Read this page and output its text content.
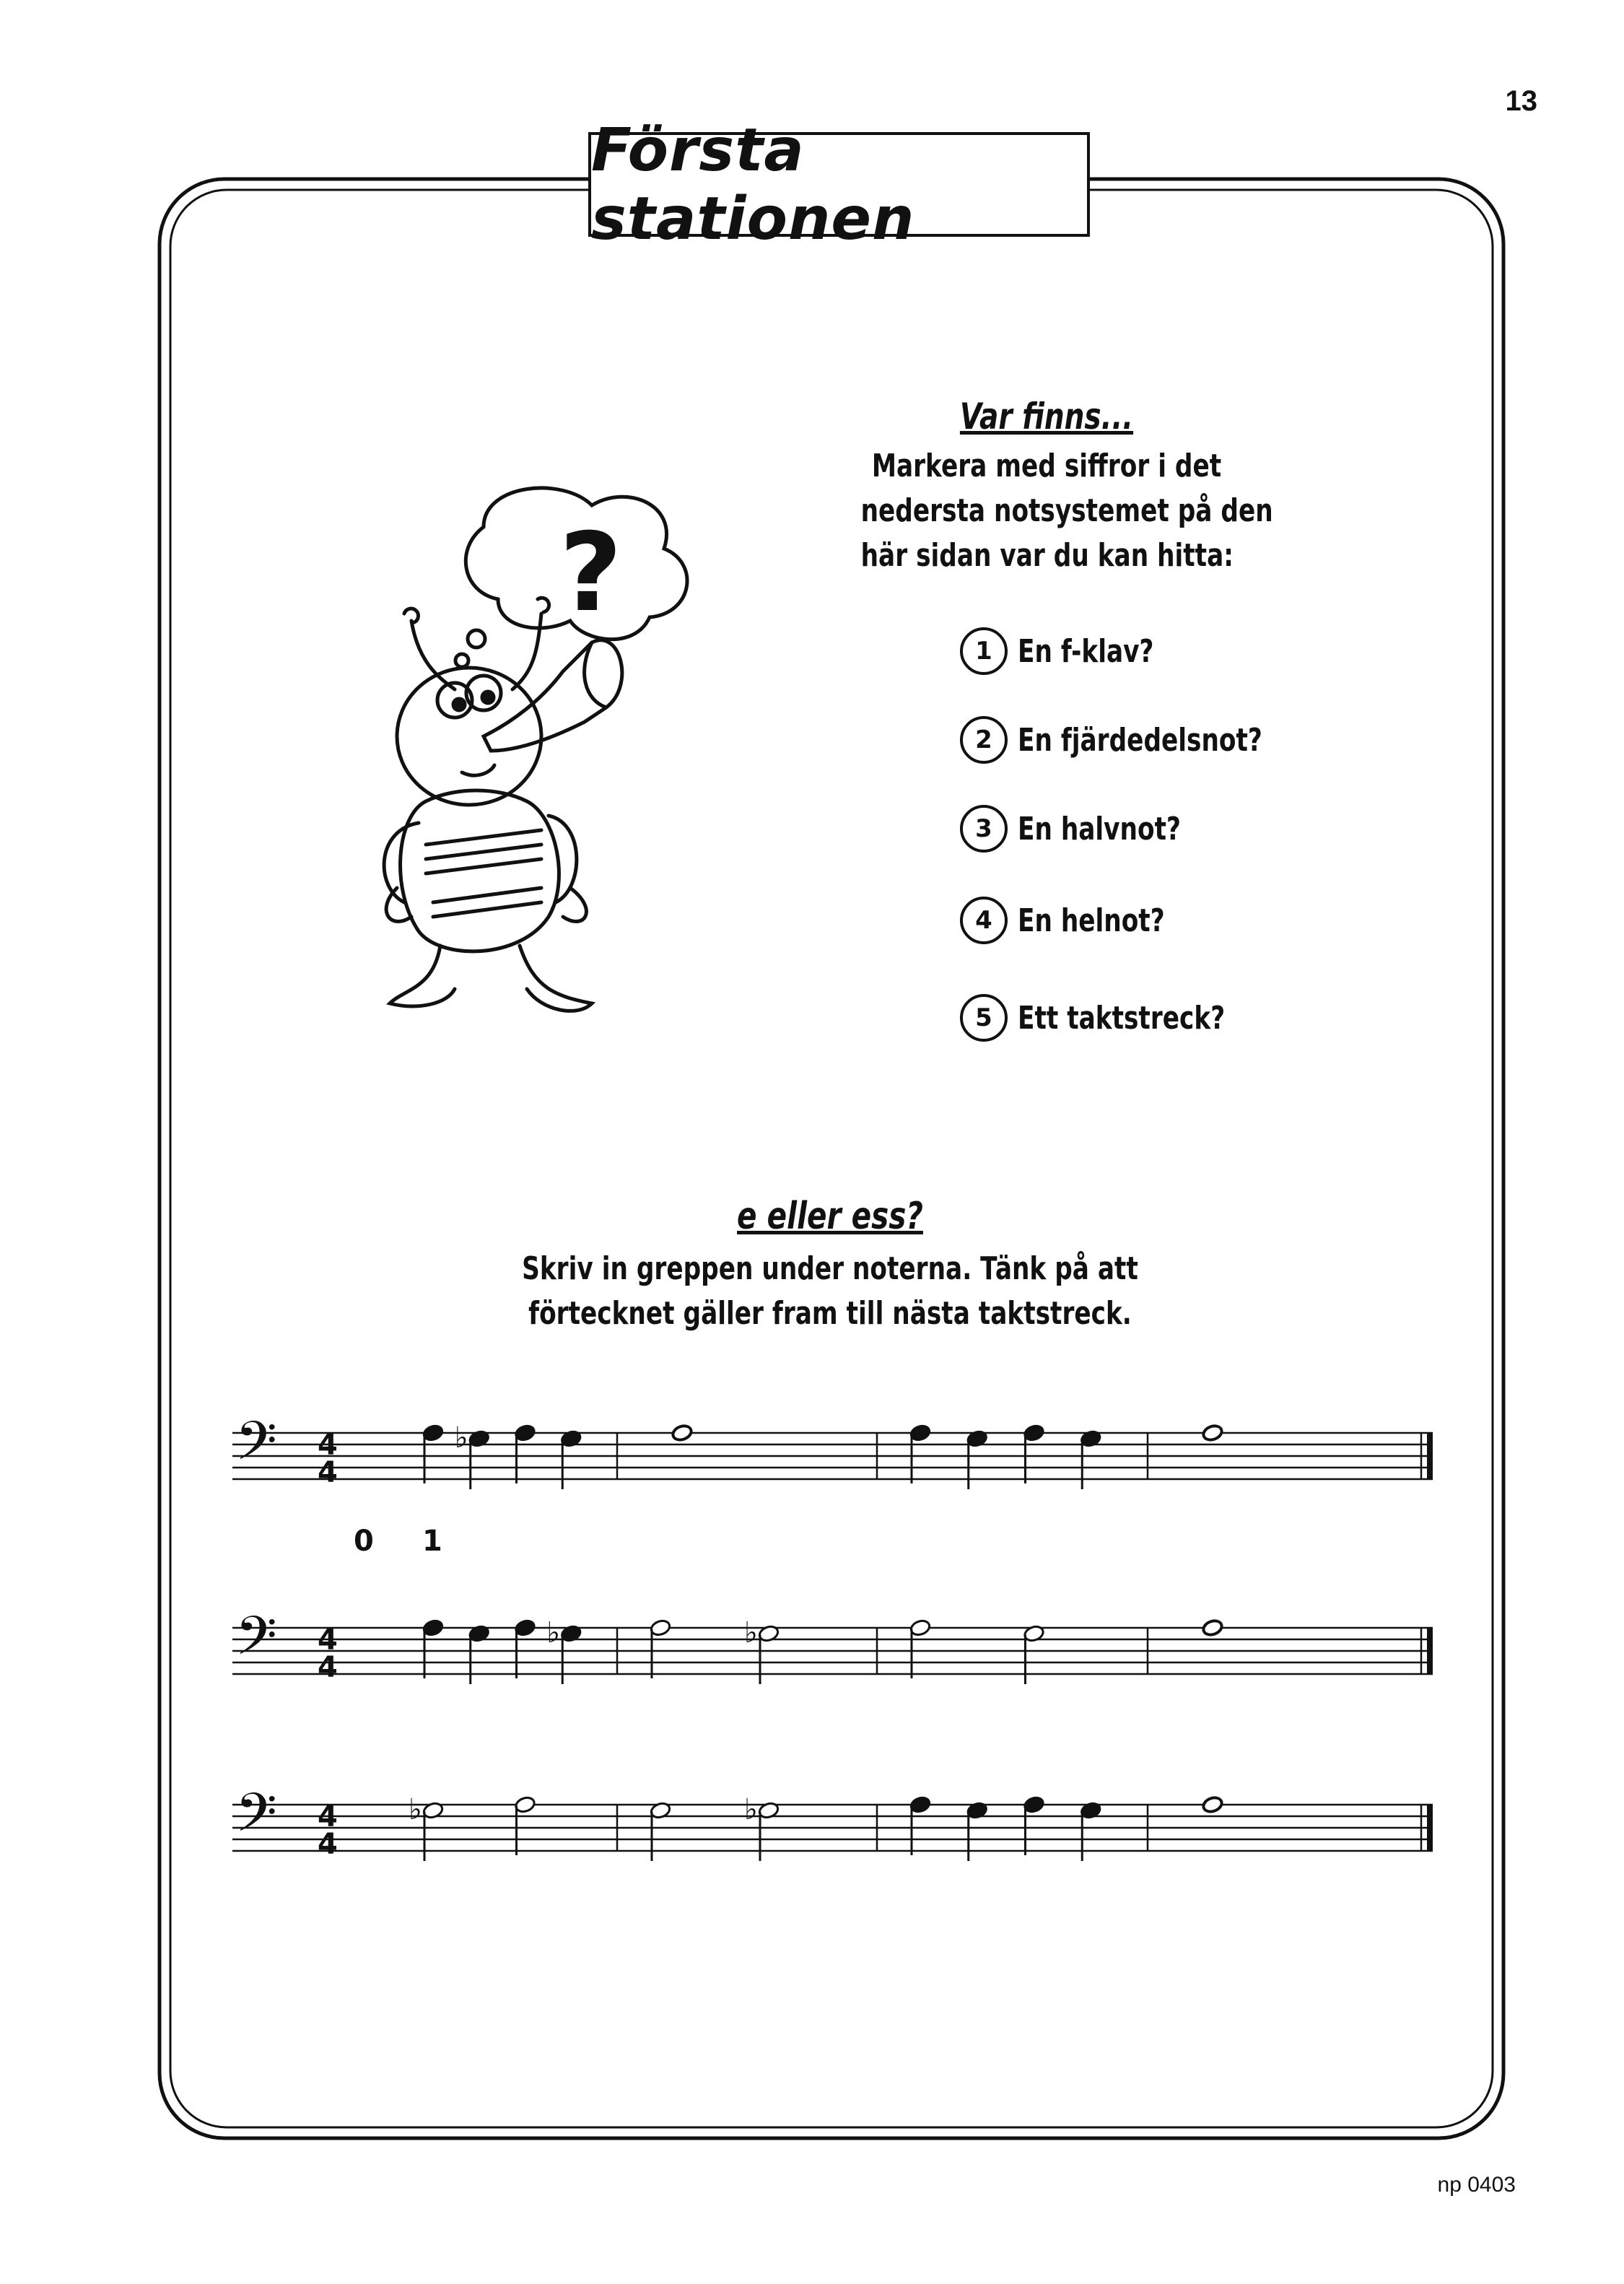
13
Första stationen
?
Var finns...
Markera med siffror i det
nedersta notsystemet på den
här sidan var du kan hitta:
1 En f-klav?
2 En fjärdedelsnot?
3 En halvnot?
4 En helnot?
5 Ett taktstreck?
e eller ess?
Skriv in greppen under noterna. Tänk på att
förtecknet gäller fram till nästa taktstreck.
𝄢 4
4
♭
𝄢 4
4
♭	♭
𝄢 4
4
♭	♭
0 1
np 0403
